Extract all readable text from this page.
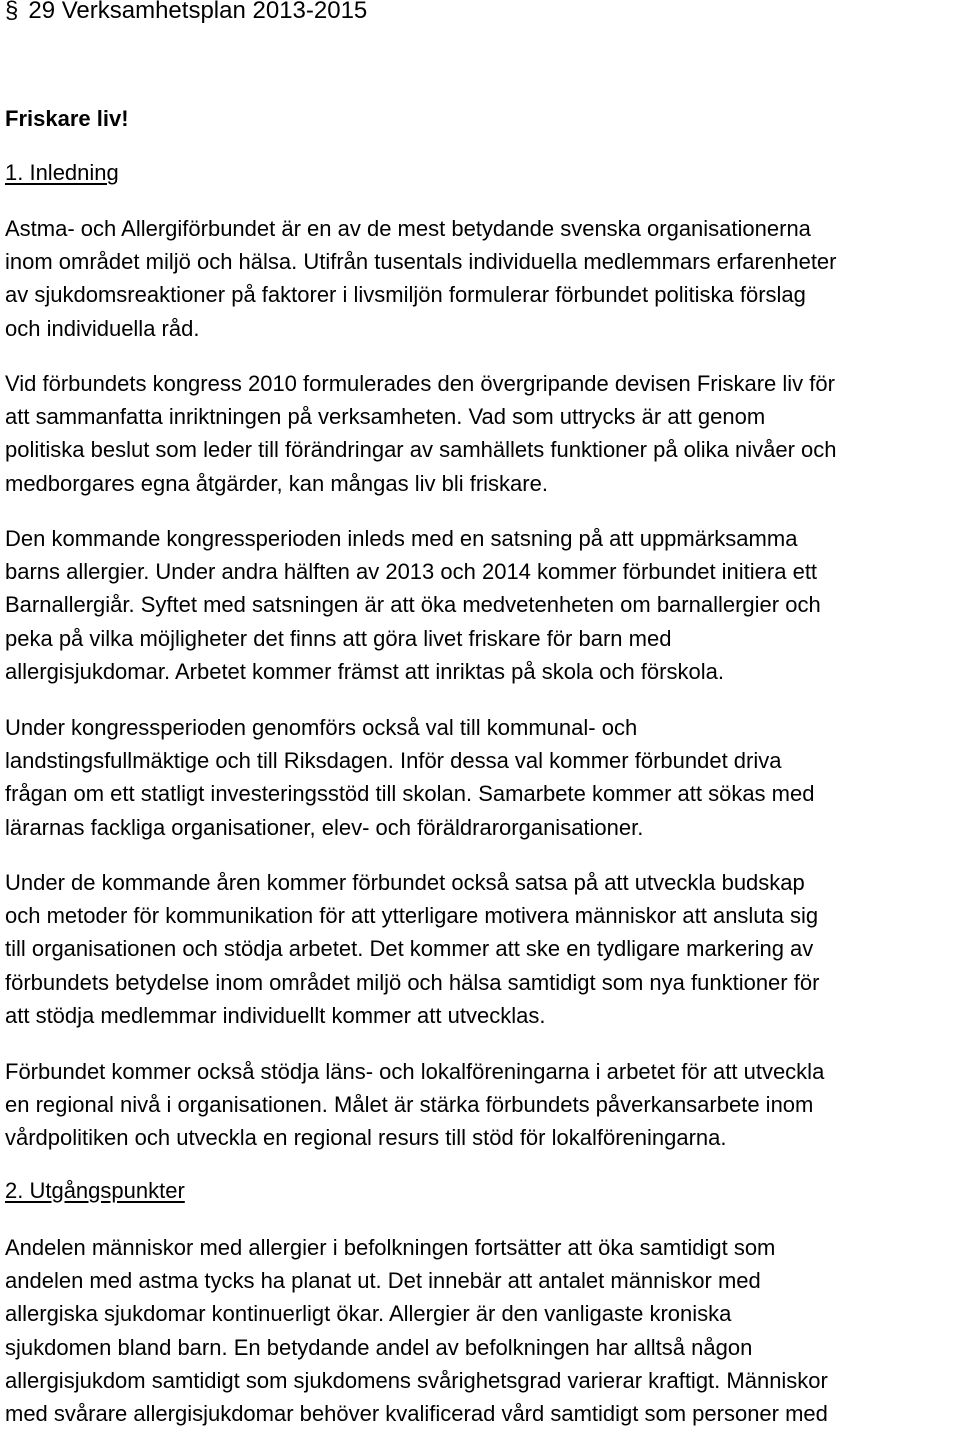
§ 29 Verksamhetsplan 2013-2015
Friskare liv!
1. Inledning
Astma- och Allergiförbundet är en av de mest betydande svenska organisationerna
inom området miljö och hälsa. Utifrån tusentals individuella medlemmars erfarenheter
av sjukdomsreaktioner på faktorer i livsmiljön formulerar förbundet politiska förslag
och individuella råd.
Vid förbundets kongress 2010 formulerades den övergripande devisen Friskare liv för
att sammanfatta inriktningen på verksamheten. Vad som uttrycks är att genom
politiska beslut som leder till förändringar av samhällets funktioner på olika nivåer och
medborgares egna åtgärder, kan mångas liv bli friskare.
Den kommande kongressperioden inleds med en satsning på att uppmärksamma
barns allergier. Under andra hälften av 2013 och 2014 kommer förbundet initiera ett
Barnallergiår. Syftet med satsningen är att öka medvetenheten om barnallergier och
peka på vilka möjligheter det finns att göra livet friskare för barn med
allergisjukdomar. Arbetet kommer främst att inriktas på skola och förskola.
Under kongressperioden genomförs också val till kommunal- och
landstingsfullmäktige och till Riksdagen. Inför dessa val kommer förbundet driva
frågan om ett statligt investeringsstöd till skolan. Samarbete kommer att sökas med
lärarnas fackliga organisationer, elev- och föräldrarorganisationer.
Under de kommande åren kommer förbundet också satsa på att utveckla budskap
och metoder för kommunikation för att ytterligare motivera människor att ansluta sig
till organisationen och stödja arbetet. Det kommer att ske en tydligare markering av
förbundets betydelse inom området miljö och hälsa samtidigt som nya funktioner för
att stödja medlemmar individuellt kommer att utvecklas.
Förbundet kommer också stödja läns- och lokalföreningarna i arbetet för att utveckla
en regional nivå i organisationen. Målet är stärka förbundets påverkansarbete inom
vårdpolitiken och utveckla en regional resurs till stöd för lokalföreningarna.
2. Utgångspunkter
Andelen människor med allergier i befolkningen fortsätter att öka samtidigt som
andelen med astma tycks ha planat ut. Det innebär att antalet människor med
allergiska sjukdomar kontinuerligt ökar. Allergier är den vanligaste kroniska
sjukdomen bland barn. En betydande andel av befolkningen har alltså någon
allergisjukdom samtidigt som sjukdomens svårighetsgrad varierar kraftigt. Människor
med svårare allergisjukdomar behöver kvalificerad vård samtidigt som personer med
